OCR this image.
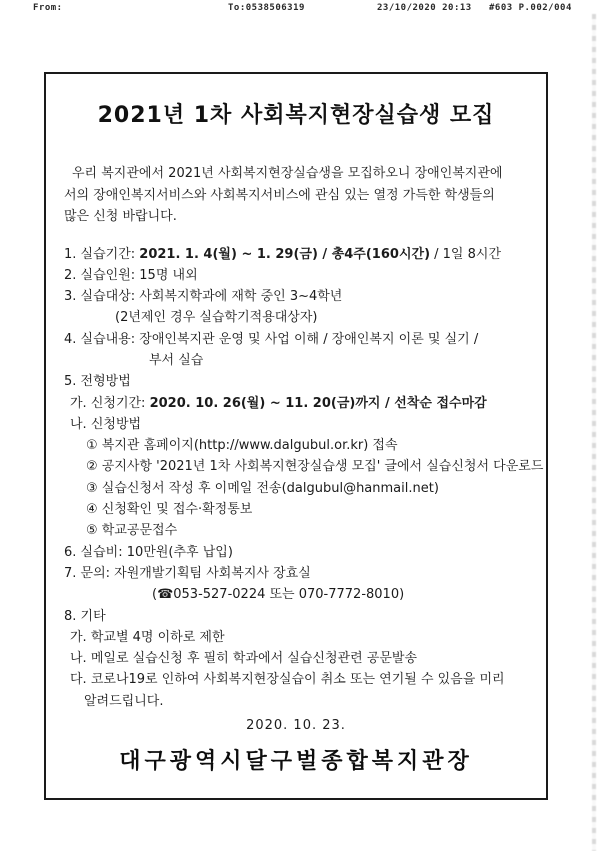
From:	To:0538506319	23/10/2020 20:13 #603 P.002/004
2021년 1차 사회복지현장실습생 모집
우리 복지관에서 2021년 사회복지현장실습생을 모집하오니 장애인복지관에
서의 장애인복지서비스와 사회복지서비스에 관심 있는 열정 가득한 학생들의
많은 신청 바랍니다.
1. 실습기간: 2021. 1. 4(월) ~ 1. 29(금) / 총4주(160시간) / 1일 8시간
2. 실습인원: 15명 내외
3. 실습대상: 사회복지학과에 재학 중인 3~4학년
(2년제인 경우 실습학기적용대상자)
4. 실습내용: 장애인복지관 운영 및 사업 이해 / 장애인복지 이론 및 실기 /
부서 실습
5. 전형방법
가. 신청기간: 2020. 10. 26(월) ~ 11. 20(금)까지 / 선착순 접수마감
나. 신청방법
① 복지관 홈페이지(http://www.dalgubul.or.kr) 접속
② 공지사항 '2021년 1차 사회복지현장실습생 모집' 글에서 실습신청서 다운로드
③ 실습신청서 작성 후 이메일 전송(dalgubul@hanmail.net)
④ 신청확인 및 접수·확정통보
⑤ 학교공문접수
6. 실습비: 10만원(추후 납입)
7. 문의: 자원개발기획팀 사회복지사 장효실
(☎053-527-0224 또는 070-7772-8010)
8. 기타
가. 학교별 4명 이하로 제한
나. 메일로 실습신청 후 필히 학과에서 실습신청관련 공문발송
다. 코로나19로 인하여 사회복지현장실습이 취소 또는 연기될 수 있음을 미리
알려드립니다.
2020. 10. 23.
대구광역시달구벌종합복지관장
